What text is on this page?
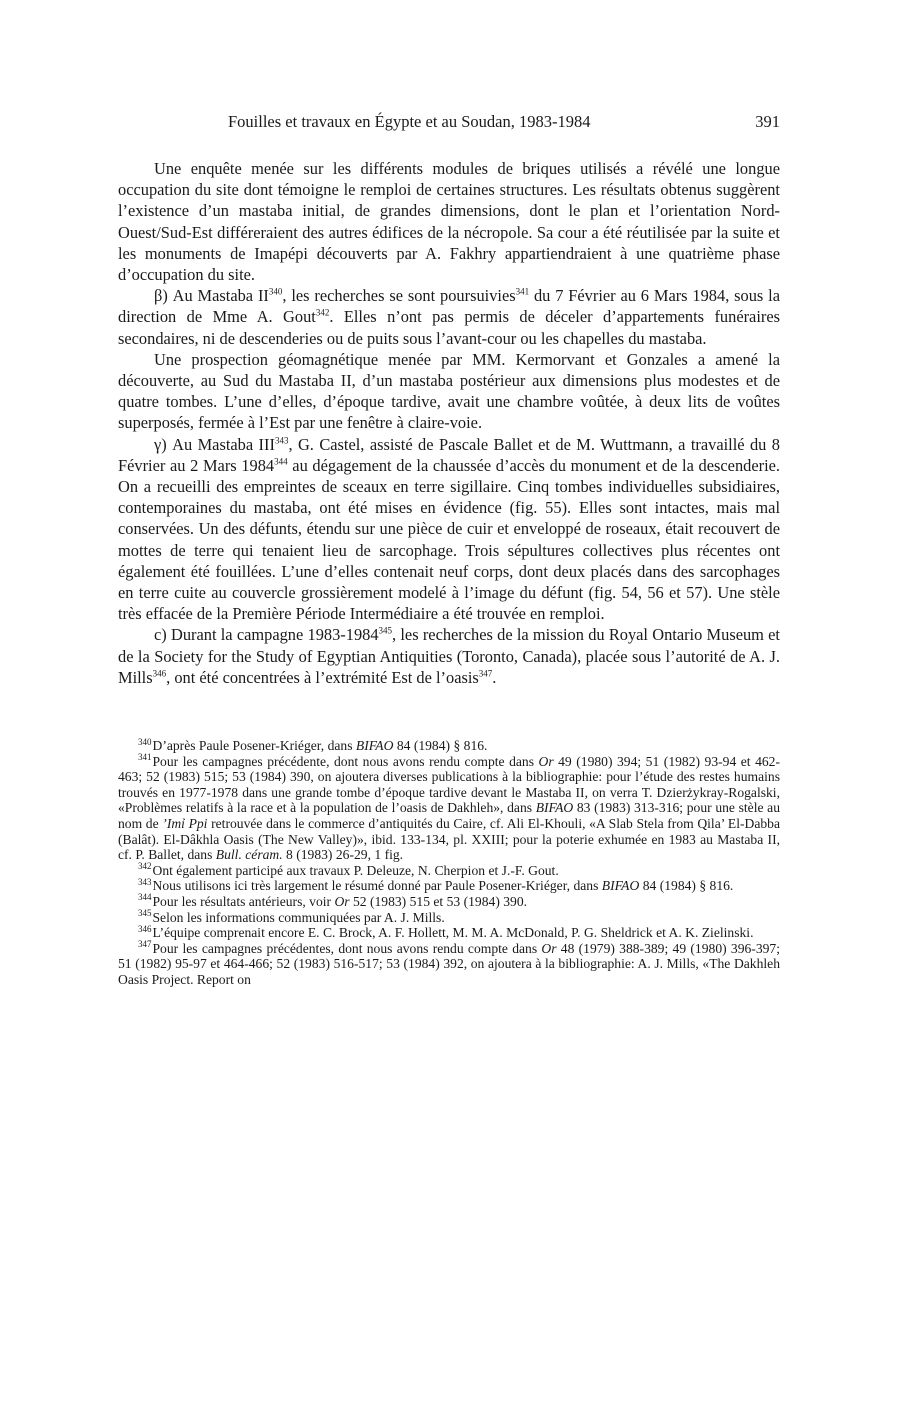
Fouilles et travaux en Égypte et au Soudan, 1983-1984	391

Une enquête menée sur les différents modules de briques utilisés a révélé une longue occupation du site dont témoigne le remploi de certaines structures. Les résultats obtenus suggèrent l’existence d’un mastaba initial, de grandes dimensions, dont le plan et l’orientation Nord-Ouest/Sud-Est différeraient des autres édifices de la nécropole. Sa cour a été réutilisée par la suite et les monuments de Imapépi découverts par A. Fakhry appartiendraient à une quatrième phase d’occupation du site.

β) Au Mastaba II$^{340}$, les recherches se sont poursuivies$^{341}$ du 7 Février au 6 Mars 1984, sous la direction de Mme A. Gout$^{342}$. Elles n’ont pas permis de déceler d’appartements funéraires secondaires, ni de descenderies ou de puits sous l’avant-cour ou les chapelles du mastaba.

Une prospection géomagnétique menée par MM. Kermorvant et Gonzales a amené la découverte, au Sud du Mastaba II, d’un mastaba postérieur aux dimensions plus modestes et de quatre tombes. L’une d’elles, d’époque tardive, avait une chambre voûtée, à deux lits de voûtes superposés, fermée à l’Est par une fenêtre à claire-voie.

γ) Au Mastaba III$^{343}$, G. Castel, assisté de Pascale Ballet et de M. Wuttmann, a travaillé du 8 Février au 2 Mars 1984$^{344}$ au dégagement de la chaussée d’accès du monument et de la descenderie. On a recueilli des empreintes de sceaux en terre sigillaire. Cinq tombes individuelles subsidiaires, contemporaines du mastaba, ont été mises en évidence (fig. 55). Elles sont intactes, mais mal conservées. Un des défunts, étendu sur une pièce de cuir et enveloppé de roseaux, était recouvert de mottes de terre qui tenaient lieu de sarcophage. Trois sépultures collectives plus récentes ont également été fouillées. L’une d’elles contenait neuf corps, dont deux placés dans des sarcophages en terre cuite au couvercle grossièrement modelé à l’image du défunt (fig. 54, 56 et 57). Une stèle très effacée de la Première Période Intermédiaire a été trouvée en remploi.

c) Durant la campagne 1983-1984$^{345}$, les recherches de la mission du Royal Ontario Museum et de la Society for the Study of Egyptian Antiquities (Toronto, Canada), placée sous l’autorité de A. J. Mills$^{346}$, ont été concentrées à l’extrémité Est de l’oasis$^{347}$.

$^{340}$D’après Paule Posener-Kriéger, dans BIFAO 84 (1984) § 816.

$^{341}$Pour les campagnes précédente, dont nous avons rendu compte dans Or 49 (1980) 394; 51 (1982) 93-94 et 462-463; 52 (1983) 515; 53 (1984) 390, on ajoutera diverses publications à la bibliographie: pour l’étude des restes humains trouvés en 1977-1978 dans une grande tombe d’époque tardive devant le Mastaba II, on verra T. Dzierżykray-Rogalski, «Problèmes relatifs à la race et à la population de l’oasis de Dakhleh», dans BIFAO 83 (1983) 313-316; pour une stèle au nom de ’Imỉ Ppi retrouvée dans le commerce d’antiquités du Caire, cf. Ali El-Khouli, «A Slab Stela from Qila’ El-Dabba (Balât). El-Dâkhla Oasis (The New Valley)», ibid. 133-134, pl. XXIII; pour la poterie exhumée en 1983 au Mastaba II, cf. P. Ballet, dans Bull. céram. 8 (1983) 26-29, 1 fig.

$^{342}$Ont également participé aux travaux P. Deleuze, N. Cherpion et J.-F. Gout.

$^{343}$Nous utilisons ici très largement le résumé donné par Paule Posener-Kriéger, dans BIFAO 84 (1984) § 816.

$^{344}$Pour les résultats antérieurs, voir Or 52 (1983) 515 et 53 (1984) 390.

$^{345}$Selon les informations communiquées par A. J. Mills.

$^{346}$L’équipe comprenait encore E. C. Brock, A. F. Hollett, M. M. A. McDonald, P. G. Sheldrick et A. K. Zielinski.

$^{347}$Pour les campagnes précédentes, dont nous avons rendu compte dans Or 48 (1979) 388-389; 49 (1980) 396-397; 51 (1982) 95-97 et 464-466; 52 (1983) 516-517; 53 (1984) 392, on ajoutera à la bibliographie: A. J. Mills, «The Dakhleh Oasis Project. Report on
